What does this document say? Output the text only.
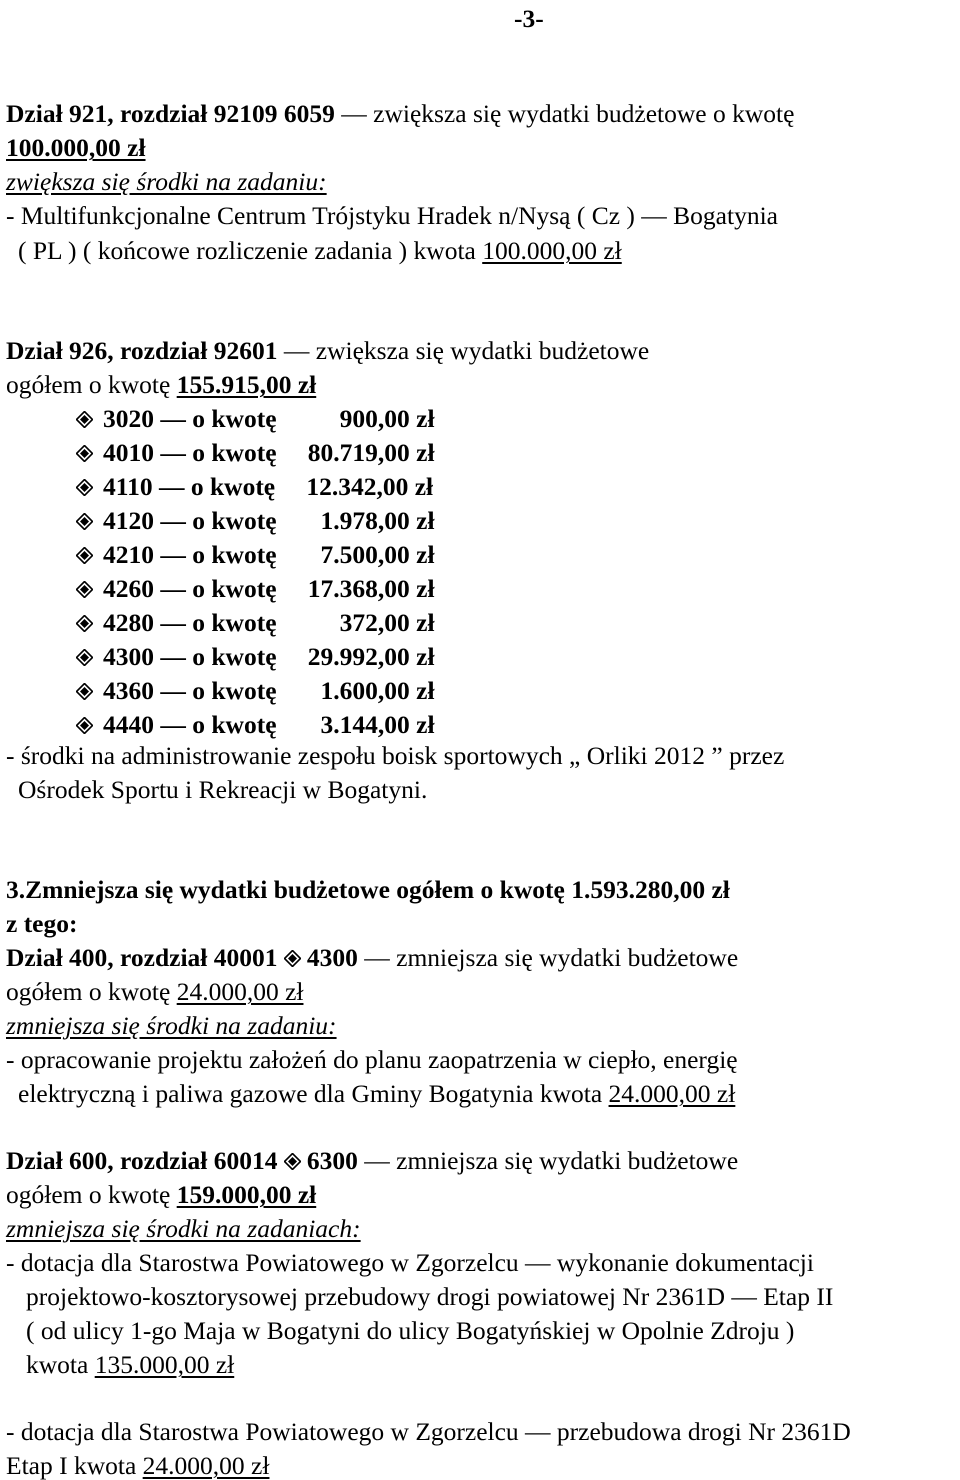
-3-
Dział 921, rozdział 92109 6059 — zwiększa się wydatki budżetowe o kwotę
100.000,00 zł
zwiększa się środki na zadaniu:
- Multifunkcjonalne Centrum Trójstyku Hradek n/Nysą ( Cz ) — Bogatynia
( PL ) ( końcowe rozliczenie zadania ) kwota 100.000,00 zł
Dział 926, rozdział 92601 — zwiększa się wydatki budżetowe
ogółem o kwotę 155.915,00 zł
3020 — o kwotę 900,00 zł
4010 — o kwotę 80.719,00 zł
4110 — o kwotę 12.342,00 zł
4120 — o kwotę 1.978,00 zł
4210 — o kwotę 7.500,00 zł
4260 — o kwotę 17.368,00 zł
4280 — o kwotę 372,00 zł
4300 — o kwotę 29.992,00 zł
4360 — o kwotę 1.600,00 zł
4440 — o kwotę 3.144,00 zł
- środki na administrowanie zespołu boisk sportowych „ Orliki 2012 ” przez
Ośrodek Sportu i Rekreacji w Bogatyni.
3.Zmniejsza się wydatki budżetowe ogółem o kwotę 1.593.280,00 zł
z tego:
Dział 400, rozdział 40001 4300 — zmniejsza się wydatki budżetowe
ogółem o kwotę 24.000,00 zł
zmniejsza się środki na zadaniu:
- opracowanie projektu założeń do planu zaopatrzenia w ciepło, energię
elektryczną i paliwa gazowe dla Gminy Bogatynia kwota 24.000,00 zł
Dział 600, rozdział 60014 6300 — zmniejsza się wydatki budżetowe
ogółem o kwotę 159.000,00 zł
zmniejsza się środki na zadaniach:
- dotacja dla Starostwa Powiatowego w Zgorzelcu — wykonanie dokumentacji
projektowo-kosztorysowej przebudowy drogi powiatowej Nr 2361D — Etap II
( od ulicy 1-go Maja w Bogatyni do ulicy Bogatyńskiej w Opolnie Zdroju )
kwota 135.000,00 zł
- dotacja dla Starostwa Powiatowego w Zgorzelcu — przebudowa drogi Nr 2361D
Etap I kwota 24.000,00 zł
